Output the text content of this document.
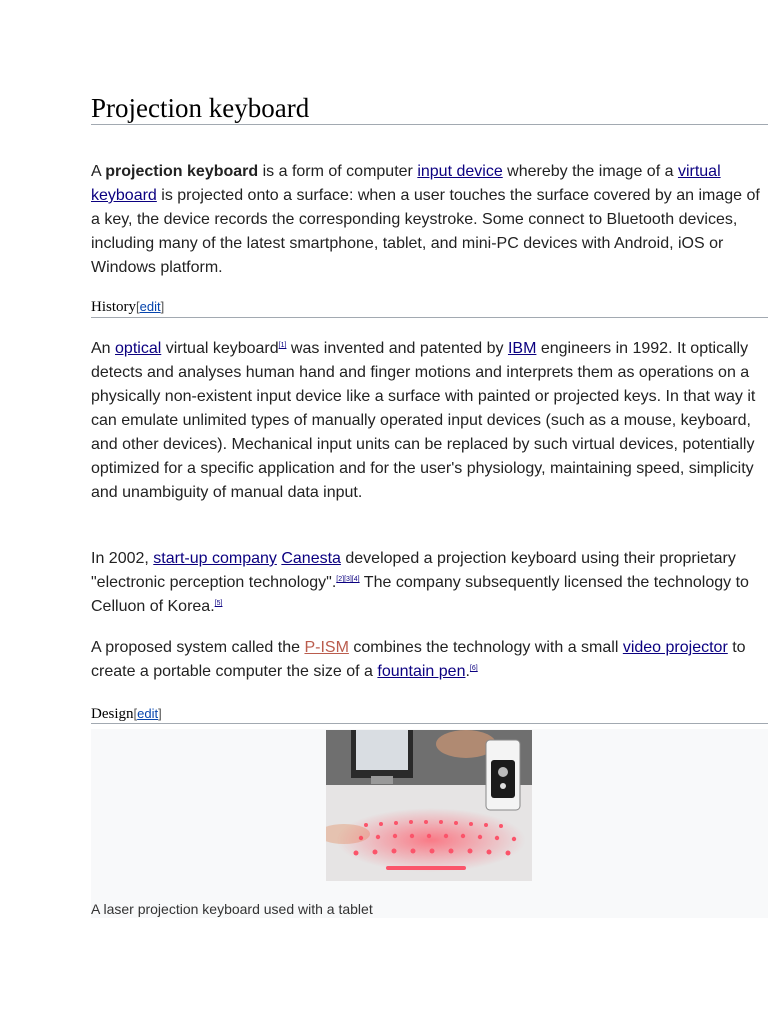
Projection keyboard

A projection keyboard is a form of computer input device whereby the image of a virtual keyboard is projected onto a surface: when a user touches the surface covered by an image of a key, the device records the corresponding keystroke. Some connect to Bluetooth devices, including many of the latest smartphone, tablet, and mini-PC devices with Android, iOS or Windows platform.

History[edit]

An optical virtual keyboard[1] was invented and patented by IBM engineers in 1992. It optically detects and analyses human hand and finger motions and interprets them as operations on a physically non-existent input device like a surface with painted or projected keys. In that way it can emulate unlimited types of manually operated input devices (such as a mouse, keyboard, and other devices). Mechanical input units can be replaced by such virtual devices, potentially optimized for a specific application and for the user's physiology, maintaining speed, simplicity and unambiguity of manual data input.

In 2002, start-up company Canesta developed a projection keyboard using their proprietary "electronic perception technology".[2][3][4] The company subsequently licensed the technology to Celluon of Korea.[5]

A proposed system called the P-ISM combines the technology with a small video projector to create a portable computer the size of a fountain pen.[6]

Design[edit]
A laser projection keyboard used with a tablet
